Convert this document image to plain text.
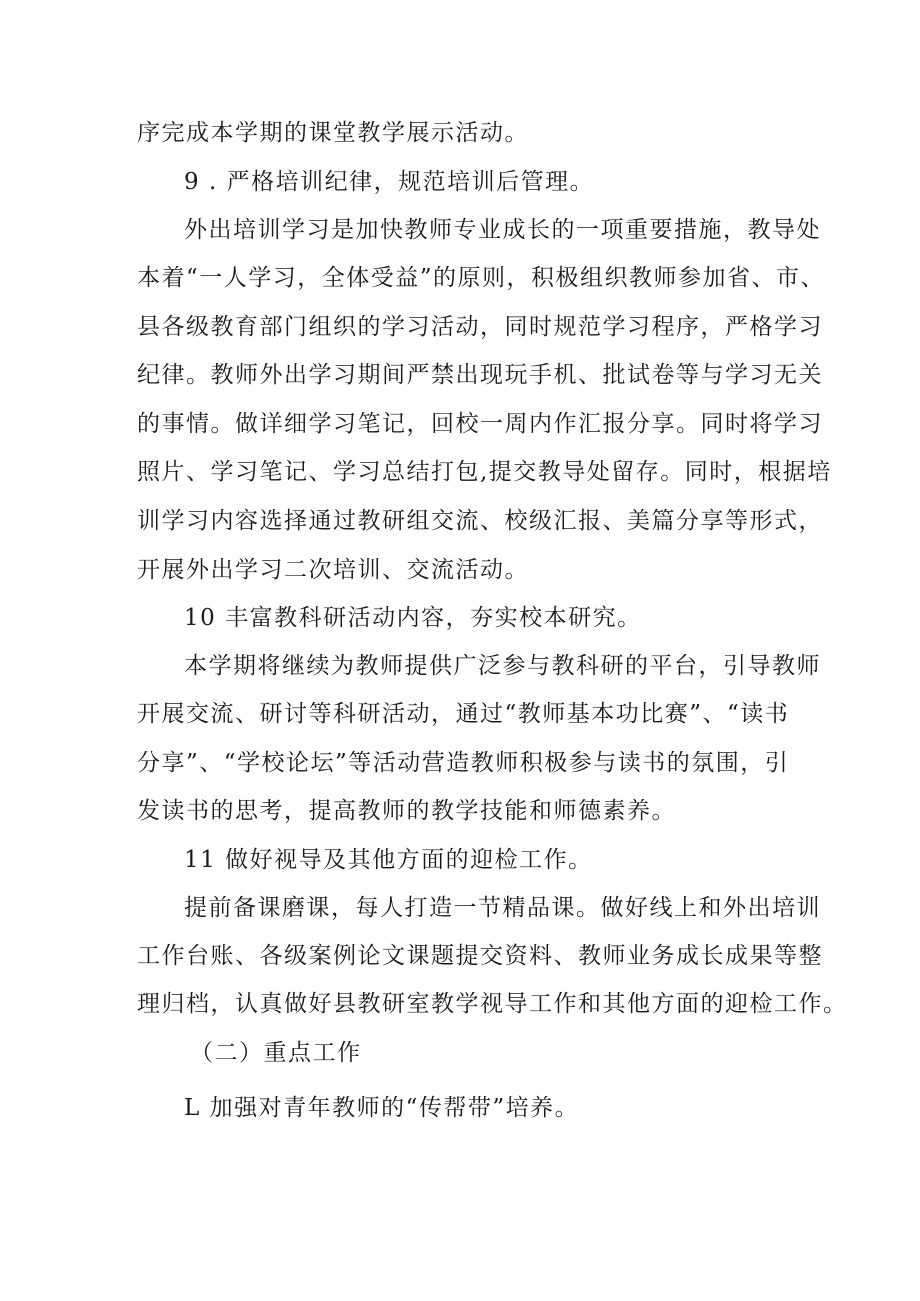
序完成本学期的课堂教学展示活动。
9 . 严格培训纪律，规范培训后管理。
外出培训学习是加快教师专业成长的一项重要措施，教导处
本着“一人学习，全体受益”的原则，积极组织教师参加省、市、
县各级教育部门组织的学习活动，同时规范学习程序，严格学习
纪律。教师外出学习期间严禁出现玩手机、批试卷等与学习无关
的事情。做详细学习笔记，回校一周内作汇报分享。同时将学习
照片、学习笔记、学习总结打包,提交教导处留存。同时，根据培
训学习内容选择通过教研组交流、校级汇报、美篇分享等形式，
开展外出学习二次培训、交流活动。
10 丰富教科研活动内容，夯实校本研究。
本学期将继续为教师提供广泛参与教科研的平台，引导教师
开展交流、研讨等科研活动，通过“教师基本功比赛”、“读书
分享”、“学校论坛”等活动营造教师积极参与读书的氛围，引
发读书的思考，提高教师的教学技能和师德素养。
11 做好视导及其他方面的迎检工作。
提前备课磨课，每人打造一节精品课。做好线上和外出培训
工作台账、各级案例论文课题提交资料、教师业务成长成果等整
理归档，认真做好县教研室教学视导工作和其他方面的迎检工作。
（二）重点工作
L 加强对青年教师的“传帮带”培养。
